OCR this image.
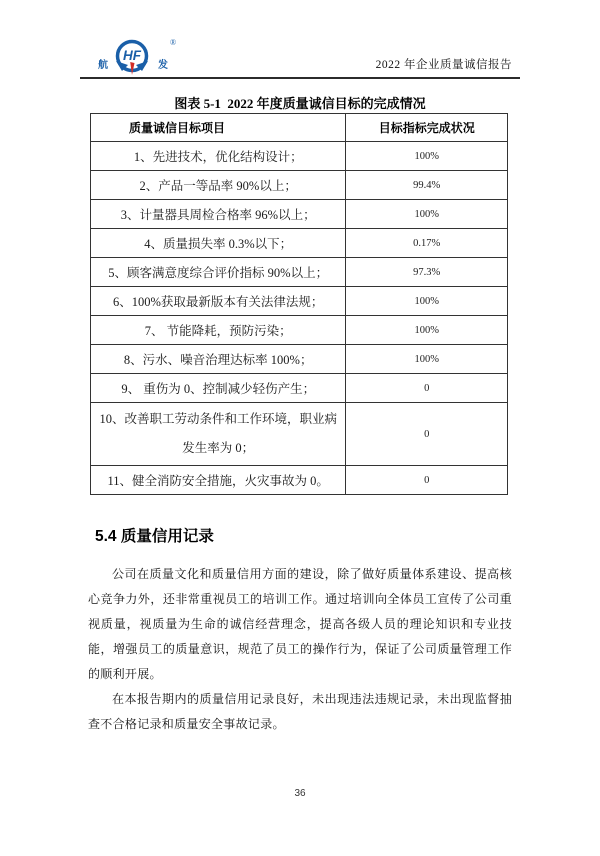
航
HF
®
发	2022 年企业质量诚信报告
图表 5-1  2022 年度质量诚信目标的完成情况
质量诚信目标项目	目标指标完成状况
1、先进技术，优化结构设计；	100%
2、产品一等品率 90%以上；	99.4%
3、计量器具周检合格率 96%以上；	100%
4、质量损失率 0.3%以下；	0.17%
5、顾客满意度综合评价指标 90%以上；	97.3%
6、100%获取最新版本有关法律法规；	100%
7、 节能降耗，预防污染；	100%
8、污水、噪音治理达标率 100%；	100%
9、 重伤为 0、控制减少轻伤产生；	0
10、改善职工劳动条件和工作环境，职业病 发生率为 0；	0
11、健全消防安全措施，火灾事故为 0。	0
5.4 质量信用记录

公司在质量文化和质量信用方面的建设，除了做好质量体系建设、提高核心竞争力外，还非常重视员工的培训工作。通过培训向全体员工宣传了公司重视质量，视质量为生命的诚信经营理念，提高各级人员的理论知识和专业技能，增强员工的质量意识，规范了员工的操作行为，保证了公司质量管理工作的顺利开展。

在本报告期内的质量信用记录良好，未出现违法违规记录，未出现监督抽查不合格记录和质量安全事故记录。

36
